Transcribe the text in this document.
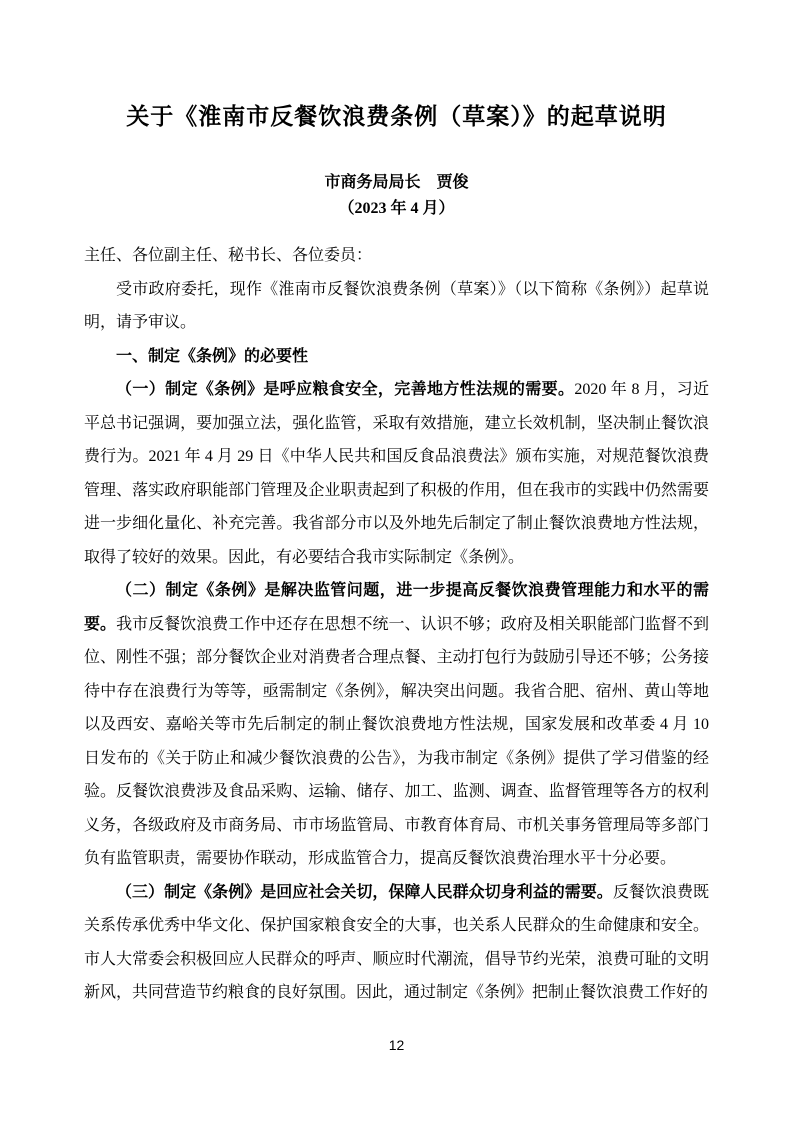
关于《淮南市反餐饮浪费条例（草案）》的起草说明
市商务局局长　贾俊
（2023 年 4 月）

主任、各位副主任、秘书长、各位委员：

受市政府委托，现作《淮南市反餐饮浪费条例（草案）》（以下简称《条例》）起草说明，请予审议。

一、制定《条例》的必要性

（一）制定《条例》是呼应粮食安全，完善地方性法规的需要。2020 年 8 月，习近平总书记强调，要加强立法，强化监管，采取有效措施，建立长效机制，坚决制止餐饮浪费行为。2021 年 4 月 29 日《中华人民共和国反食品浪费法》颁布实施，对规范餐饮浪费管理、落实政府职能部门管理及企业职责起到了积极的作用，但在我市的实践中仍然需要进一步细化量化、补充完善。我省部分市以及外地先后制定了制止餐饮浪费地方性法规，取得了较好的效果。因此，有必要结合我市实际制定《条例》。

（二）制定《条例》是解决监管问题，进一步提高反餐饮浪费管理能力和水平的需要。我市反餐饮浪费工作中还存在思想不统一、认识不够；政府及相关职能部门监督不到位、刚性不强；部分餐饮企业对消费者合理点餐、主动打包行为鼓励引导还不够；公务接待中存在浪费行为等等，亟需制定《条例》，解决突出问题。我省合肥、宿州、黄山等地以及西安、嘉峪关等市先后制定的制止餐饮浪费地方性法规，国家发展和改革委 4 月 10 日发布的《关于防止和减少餐饮浪费的公告》，为我市制定《条例》提供了学习借鉴的经验。反餐饮浪费涉及食品采购、运输、储存、加工、监测、调查、监督管理等各方的权利义务，各级政府及市商务局、市市场监管局、市教育体育局、市机关事务管理局等多部门负有监管职责，需要协作联动，形成监管合力，提高反餐饮浪费治理水平十分必要。

（三）制定《条例》是回应社会关切，保障人民群众切身利益的需要。反餐饮浪费既关系传承优秀中华文化、保护国家粮食安全的大事，也关系人民群众的生命健康和安全。市人大常委会积极回应人民群众的呼声、顺应时代潮流，倡导节约光荣，浪费可耻的文明新风，共同营造节约粮食的良好氛围。因此，通过制定《条例》把制止餐饮浪费工作好的

12
